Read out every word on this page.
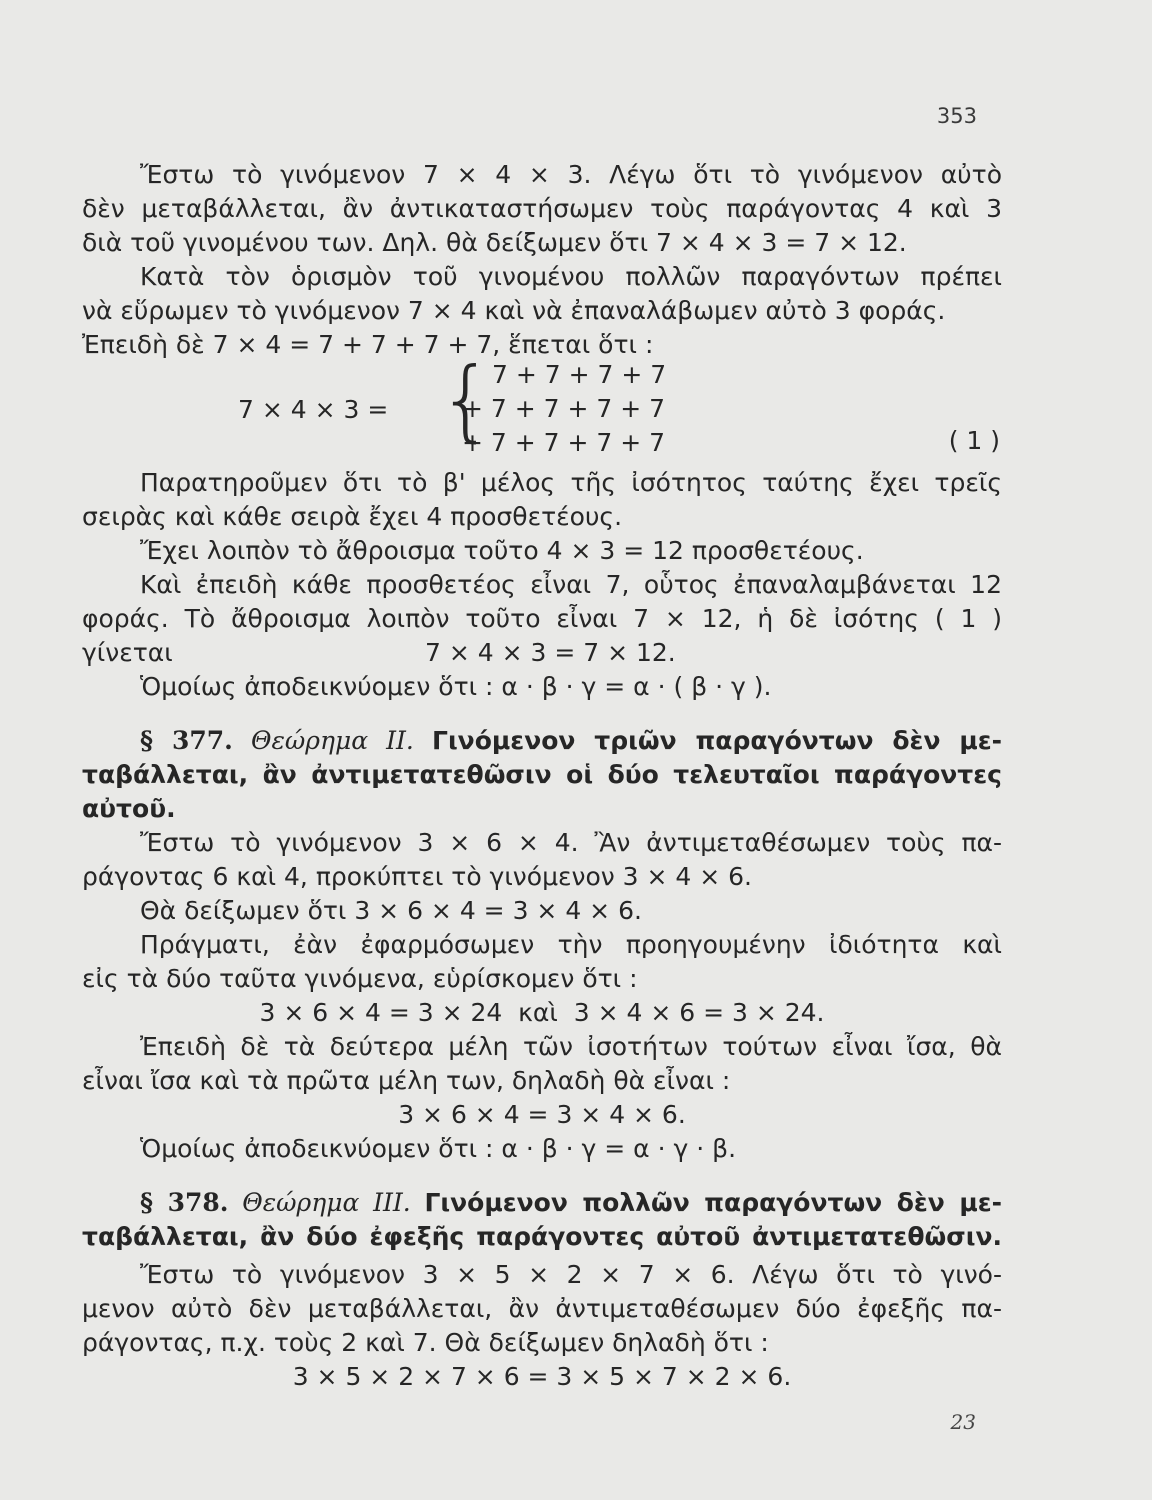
353
Ἔστω τὸ γινόμενον 7 × 4 × 3. Λέγω ὅτι τὸ γινόμενον αὐτὸ
δὲν μεταβάλλεται, ἂν ἀντικαταστήσωμεν τοὺς παράγοντας 4 καὶ 3
διὰ τοῦ γινομένου των. Δηλ. θὰ δείξωμεν ὅτι 7 × 4 × 3 = 7 × 12.
Κατὰ τὸν ὁρισμὸν τοῦ γινομένου πολλῶν παραγόντων πρέπει
νὰ εὕρωμεν τὸ γινόμενον 7 × 4 καὶ νὰ ἐπαναλάβωμεν αὐτὸ 3 φοράς.
Ἐπειδὴ δὲ 7 × 4 = 7 + 7 + 7 + 7, ἕπεται ὅτι :
7 × 4 × 3 = {
7 + 7 + 7 + 7
+ 7 + 7 + 7 + 7
+ 7 + 7 + 7 + 7	( 1 )
Παρατηροῦμεν ὅτι τὸ β' μέλος τῆς ἰσότητος ταύτης ἔχει τρεῖς
σειρὰς καὶ κάθε σειρὰ ἔχει 4 προσθετέους.
Ἔχει λοιπὸν τὸ ἄθροισμα τοῦτο 4 × 3 = 12 προσθετέους.
Καὶ ἐπειδὴ κάθε προσθετέος εἶναι 7, οὗτος ἐπαναλαμβάνεται 12
φοράς. Τὸ ἄθροισμα λοιπὸν τοῦτο εἶναι 7 × 12, ἡ δὲ ἰσότης ( 1 )
γίνεται	7 × 4 × 3 = 7 × 12.
Ὁμοίως ἀποδεικνύομεν ὅτι : α · β · γ = α · ( β · γ ).
§ 377. Θεώρημα ΙΙ. Γινόμενον τριῶν παραγόντων δὲν με-
ταβάλλεται, ἂν ἀντιμετατεθῶσιν οἱ δύο τελευταῖοι παράγοντες
αὐτοῦ.
Ἔστω τὸ γινόμενον 3 × 6 × 4. Ἂν ἀντιμεταθέσωμεν τοὺς πα-
ράγοντας 6 καὶ 4, προκύπτει τὸ γινόμενον 3 × 4 × 6.
Θὰ δείξωμεν ὅτι 3 × 6 × 4 = 3 × 4 × 6.
Πράγματι, ἐὰν ἐφαρμόσωμεν τὴν προηγουμένην ἰδιότητα καὶ
εἰς τὰ δύο ταῦτα γινόμενα, εὑρίσκομεν ὅτι :
3 × 6 × 4 = 3 × 24  καὶ  3 × 4 × 6 = 3 × 24.
Ἐπειδὴ δὲ τὰ δεύτερα μέλη τῶν ἰσοτήτων τούτων εἶναι ἴσα, θὰ
εἶναι ἴσα καὶ τὰ πρῶτα μέλη των, δηλαδὴ θὰ εἶναι :
3 × 6 × 4 = 3 × 4 × 6.
Ὁμοίως ἀποδεικνύομεν ὅτι : α · β · γ = α · γ · β.
§ 378. Θεώρημα ΙΙΙ. Γινόμενον πολλῶν παραγόντων δὲν με-
ταβάλλεται, ἂν δύο ἐφεξῆς παράγοντες αὐτοῦ ἀντιμετατεθῶσιν.
Ἔστω τὸ γινόμενον 3 × 5 × 2 × 7 × 6. Λέγω ὅτι τὸ γινό-
μενον αὐτὸ δὲν μεταβάλλεται, ἂν ἀντιμεταθέσωμεν δύο ἐφεξῆς πα-
ράγοντας, π.χ. τοὺς 2 καὶ 7. Θὰ δείξωμεν δηλαδὴ ὅτι :
3 × 5 × 2 × 7 × 6 = 3 × 5 × 7 × 2 × 6.
23
